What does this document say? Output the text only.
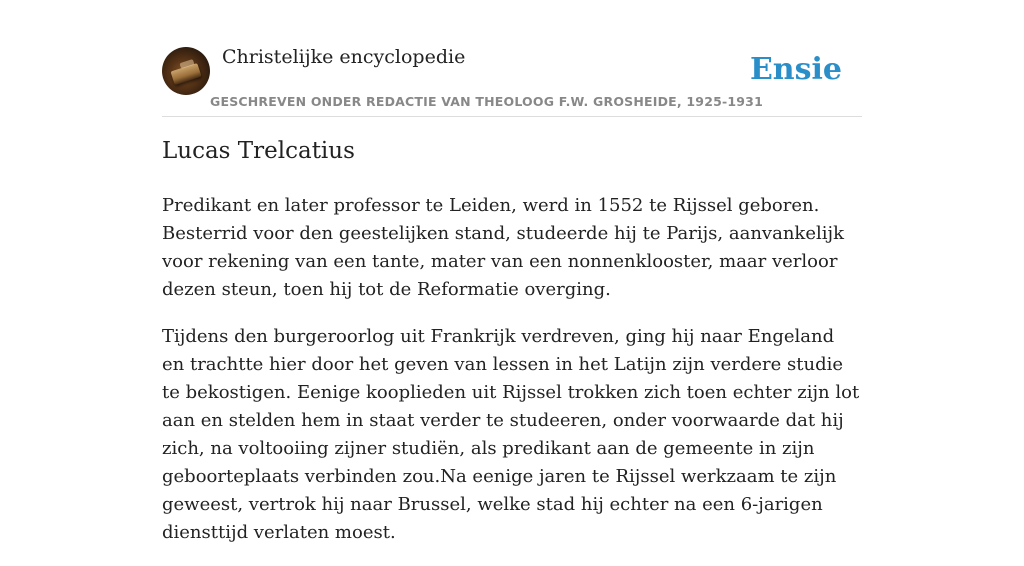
Christelijke encyclopedie
GESCHREVEN ONDER REDACTIE VAN THEOLOOG F.W. GROSHEIDE, 1925-1931
Ensie
Lucas Trelcatius

Predikant en later professor te Leiden, werd in 1552 te Rijssel geboren. Besterrid voor den geestelijken stand, studeerde hij te Parijs, aanvankelijk voor rekening van een tante, mater van een nonnenklooster, maar verloor dezen steun, toen hij tot de Reformatie overging.

Tijdens den burgeroorlog uit Frankrijk verdreven, ging hij naar Engeland en trachtte hier door het geven van lessen in het Latijn zijn verdere studie te bekostigen. Eenige kooplieden uit Rijssel trokken zich toen echter zijn lot aan en stelden hem in staat verder te studeeren, onder voorwaarde dat hij zich, na voltooiing zijner studiën, als predikant aan de gemeente in zijn geboorteplaats verbinden zou.Na eenige jaren te Rijssel werkzaam te zijn geweest, vertrok hij naar Brussel, welke stad hij echter na een 6-jarigen diensttijd verlaten moest.
